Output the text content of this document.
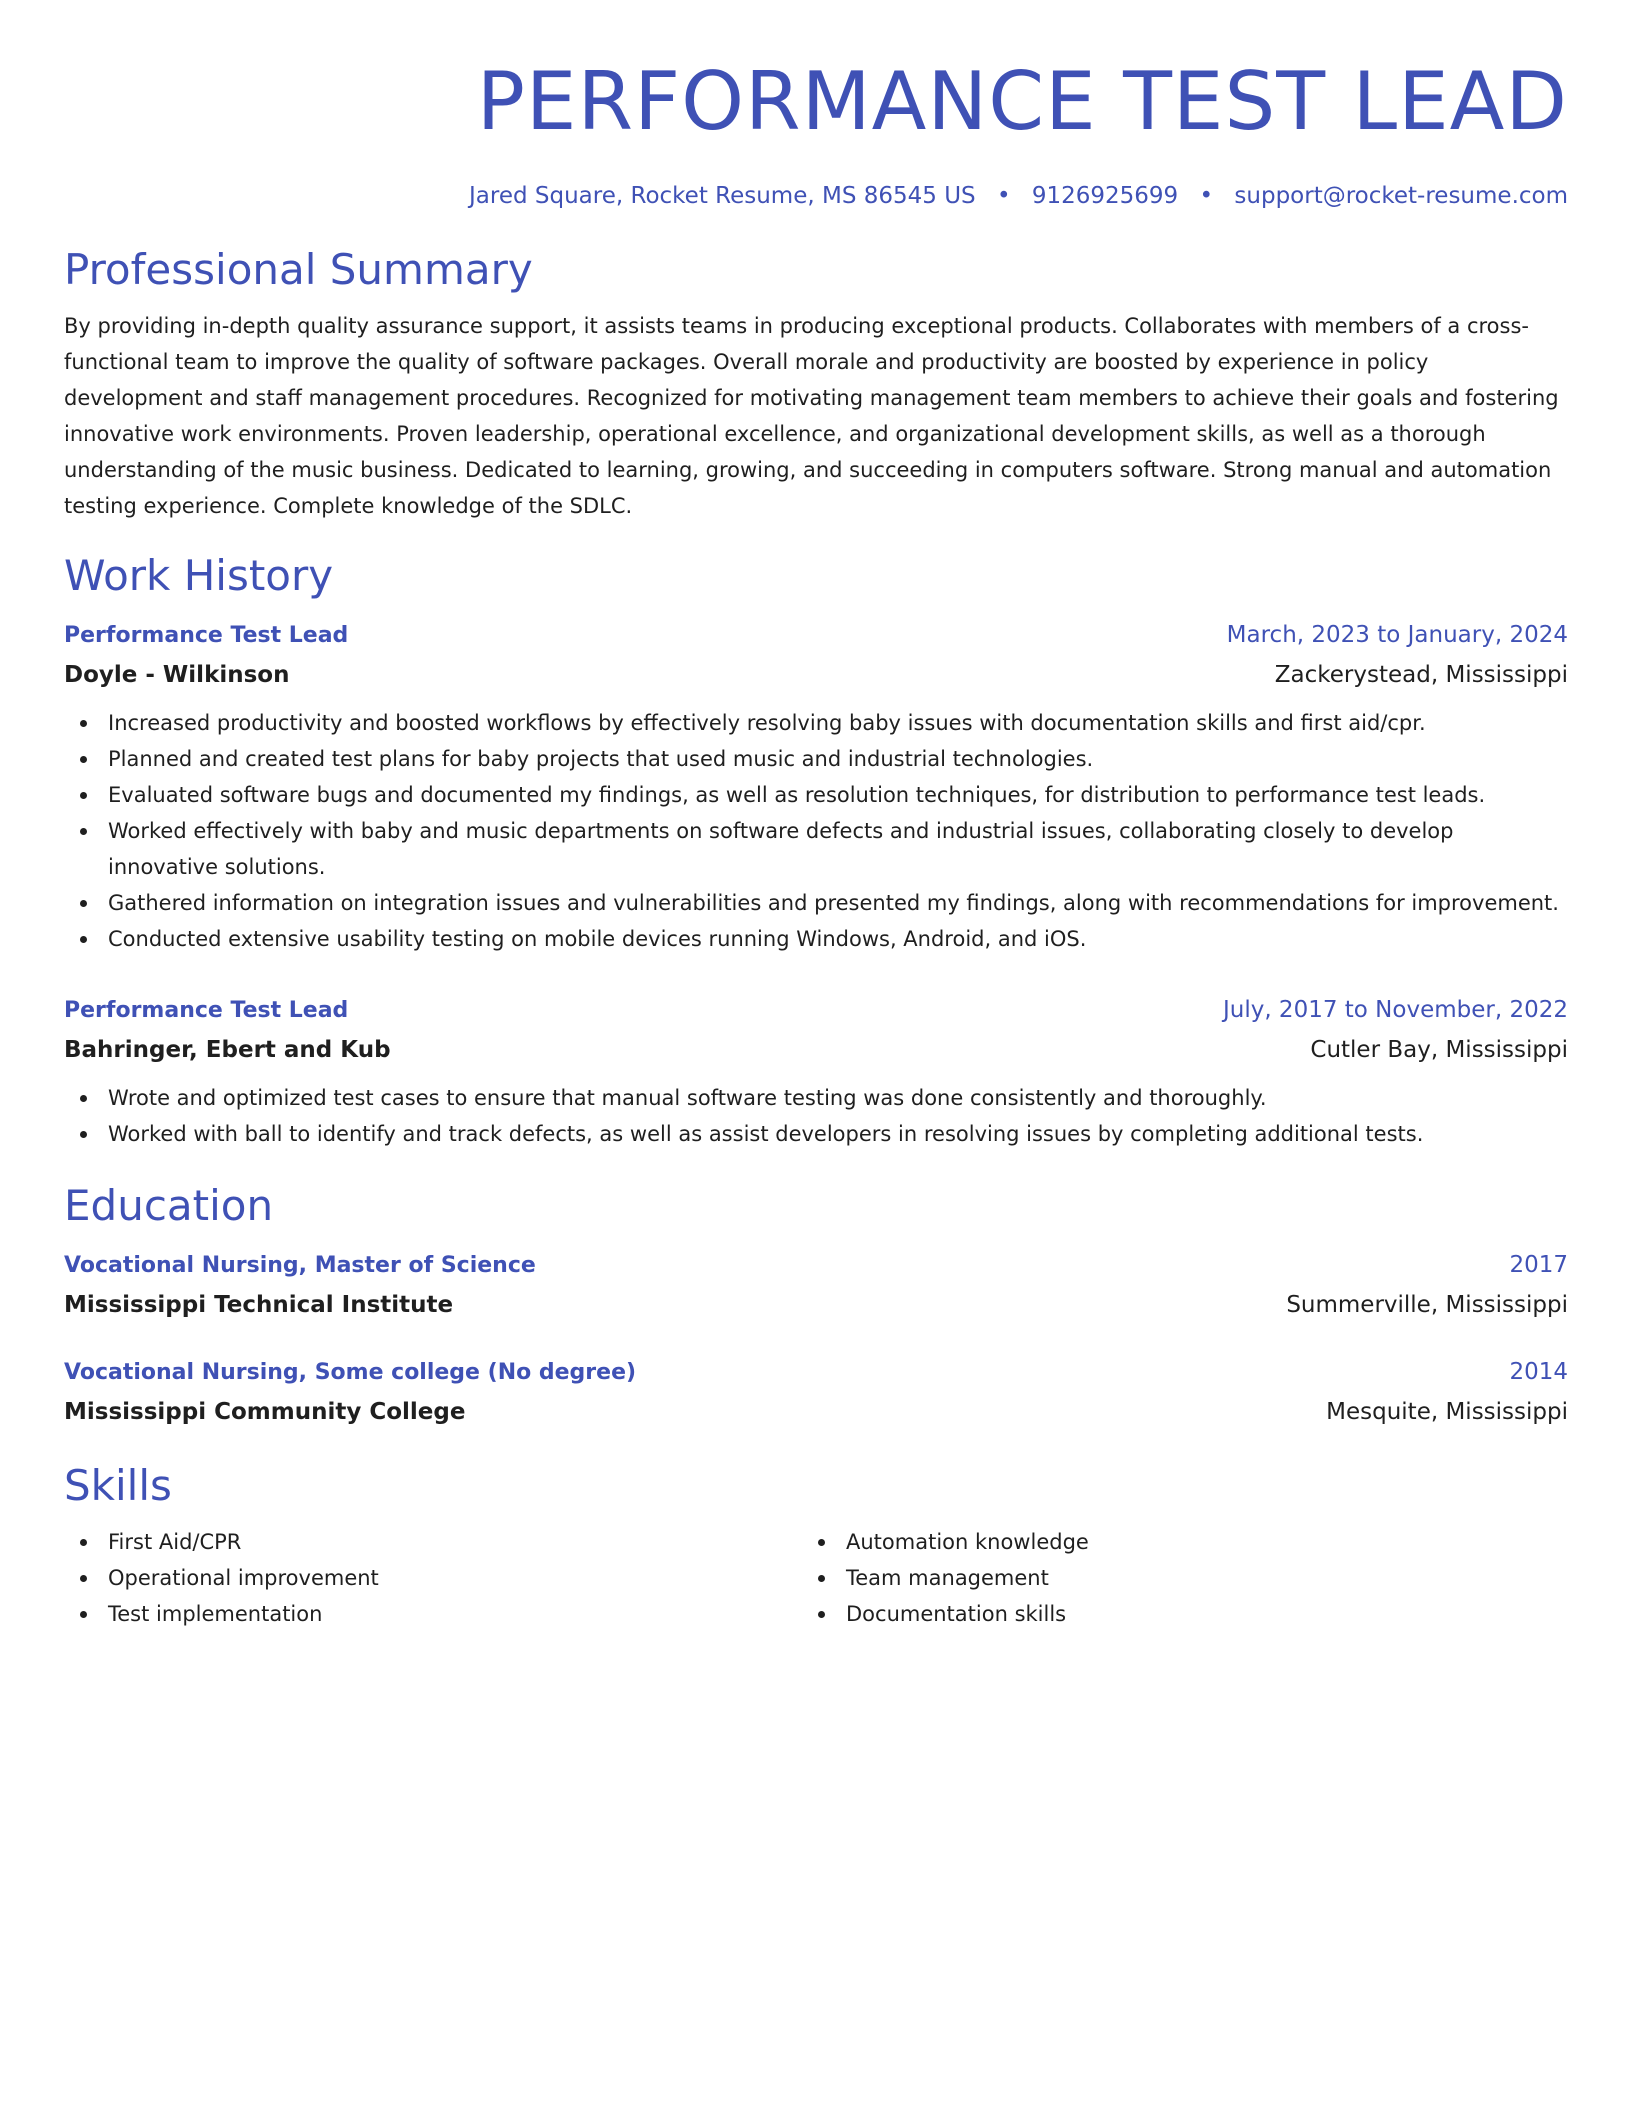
PERFORMANCE TEST LEAD
Jared Square, Rocket Resume, MS 86545 US • 9126925699 • support@rocket-resume.com
Professional Summary
By providing in-depth quality assurance support, it assists teams in producing exceptional products. Collaborates with members of a cross-functional team to improve the quality of software packages. Overall morale and productivity are boosted by experience in policy development and staff management procedures. Recognized for motivating management team members to achieve their goals and fostering innovative work environments. Proven leadership, operational excellence, and organizational development skills, as well as a thorough understanding of the music business. Dedicated to learning, growing, and succeeding in computers software. Strong manual and automation testing experience. Complete knowledge of the SDLC.
Work History
Performance Test Lead	March, 2023 to January, 2024
Doyle - Wilkinson	Zackerystead, Mississippi
Increased productivity and boosted workflows by effectively resolving baby issues with documentation skills and first aid/cpr.
Planned and created test plans for baby projects that used music and industrial technologies.
Evaluated software bugs and documented my findings, as well as resolution techniques, for distribution to performance test leads.
Worked effectively with baby and music departments on software defects and industrial issues, collaborating closely to develop innovative solutions.
Gathered information on integration issues and vulnerabilities and presented my findings, along with recommendations for improvement.
Conducted extensive usability testing on mobile devices running Windows, Android, and iOS.
Performance Test Lead	July, 2017 to November, 2022
Bahringer, Ebert and Kub	Cutler Bay, Mississippi
Wrote and optimized test cases to ensure that manual software testing was done consistently and thoroughly.
Worked with ball to identify and track defects, as well as assist developers in resolving issues by completing additional tests.
Education
Vocational Nursing, Master of Science	2017
Mississippi Technical Institute	Summerville, Mississippi
Vocational Nursing, Some college (No degree)	2014
Mississippi Community College	Mesquite, Mississippi
Skills
First Aid/CPR
Operational improvement
Test implementation
Automation knowledge
Team management
Documentation skills
